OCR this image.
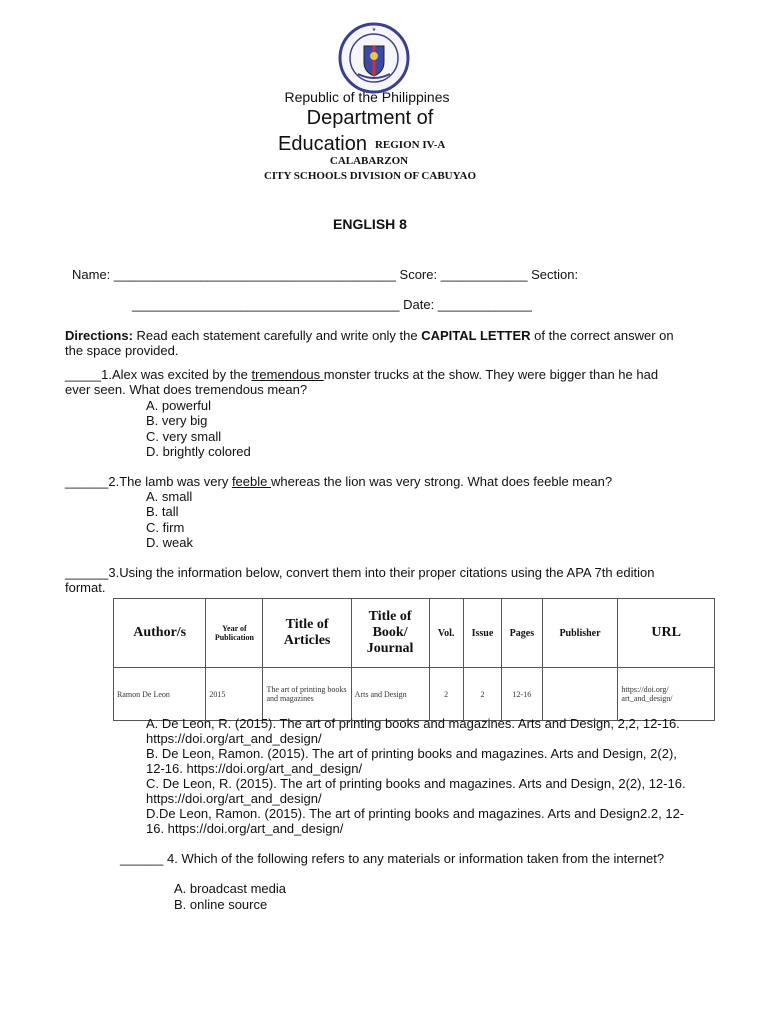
★
Republic of the Philippines
Department of
Education REGION IV-A
CALABARZON
CITY SCHOOLS DIVISION OF CABUYAO
ENGLISH 8
Name: _______________________________________ Score: ____________ Section:
_____________________________________ Date: _____________
Directions: Read each statement carefully and write only the CAPITAL LETTER of the correct answer on the space provided.
_____1.Alex was excited by the tremendous monster trucks at the show. They were bigger than he had ever seen. What does tremendous mean?
A. powerful
B. very big
C. very small
D. brightly colored
______2.The lamb was very feeble whereas the lion was very strong. What does feeble mean?
A. small
B. tall
C. firm
D. weak
______3.Using the information below, convert them into their proper citations using the APA 7th edition format.
Author/s	Year of Publication	Title of Articles	Title of Book/ Journal	Vol.	Issue	Pages	Publisher	URL
Ramon De Leon	2015	The art of printing books and magazines	Arts and Design	2	2	12-16		https://doi.org/ art_and_design/
A. De Leon, R. (2015). The art of printing books and magazines. Arts and Design, 2,2, 12-16. https://doi.org/art_and_design/
B. De Leon, Ramon. (2015). The art of printing books and magazines. Arts and Design, 2(2), 12-16. https://doi.org/art_and_design/
C. De Leon, R. (2015). The art of printing books and magazines. Arts and Design, 2(2), 12-16. https://doi.org/art_and_design/
D.De Leon, Ramon. (2015). The art of printing books and magazines. Arts and Design2.2, 12-16. https://doi.org/art_and_design/
______ 4. Which of the following refers to any materials or information taken from the internet?
A. broadcast media
B. online source
